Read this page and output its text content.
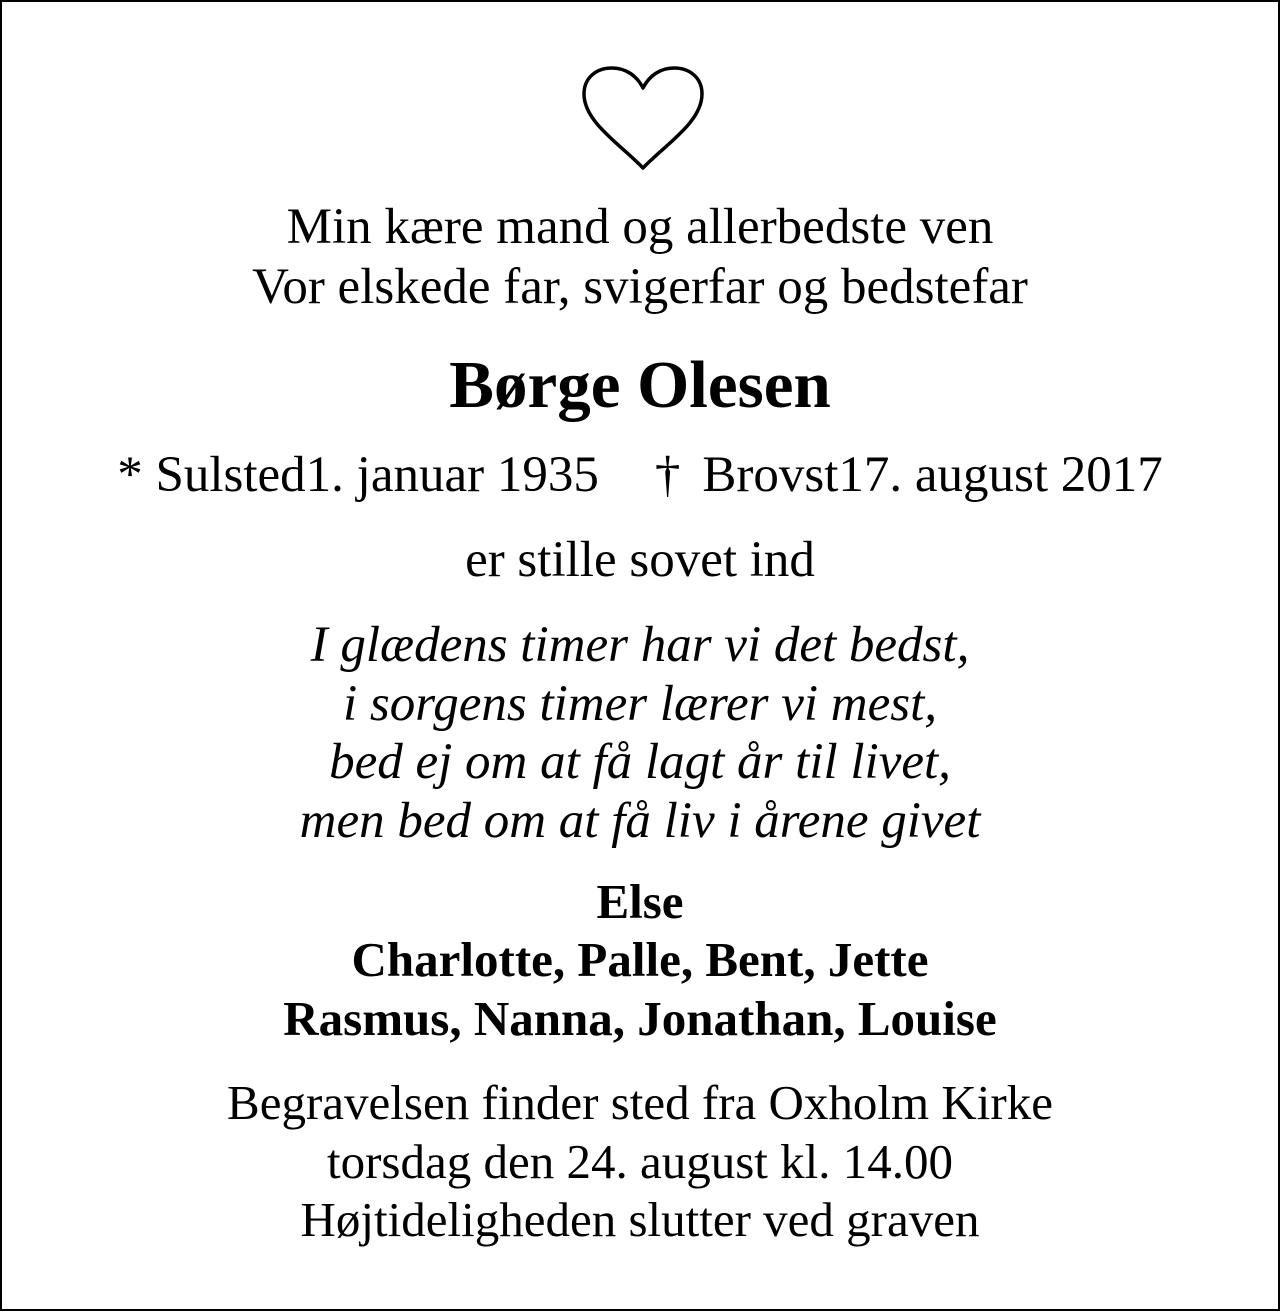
Min kære mand og allerbedste ven
Vor elskede far, svigerfar og bedstefar
Børge Olesen
* Sulsted1. januar 1935 † Brovst17. august 2017
er stille sovet ind
I glædens timer har vi det bedst,
i sorgens timer lærer vi mest,
bed ej om at få lagt år til livet,
men bed om at få liv i årene givet
Else
Charlotte, Palle, Bent, Jette
Rasmus, Nanna, Jonathan, Louise
Begravelsen finder sted fra Oxholm Kirke
torsdag den 24. august kl. 14.00
Højtideligheden slutter ved graven
